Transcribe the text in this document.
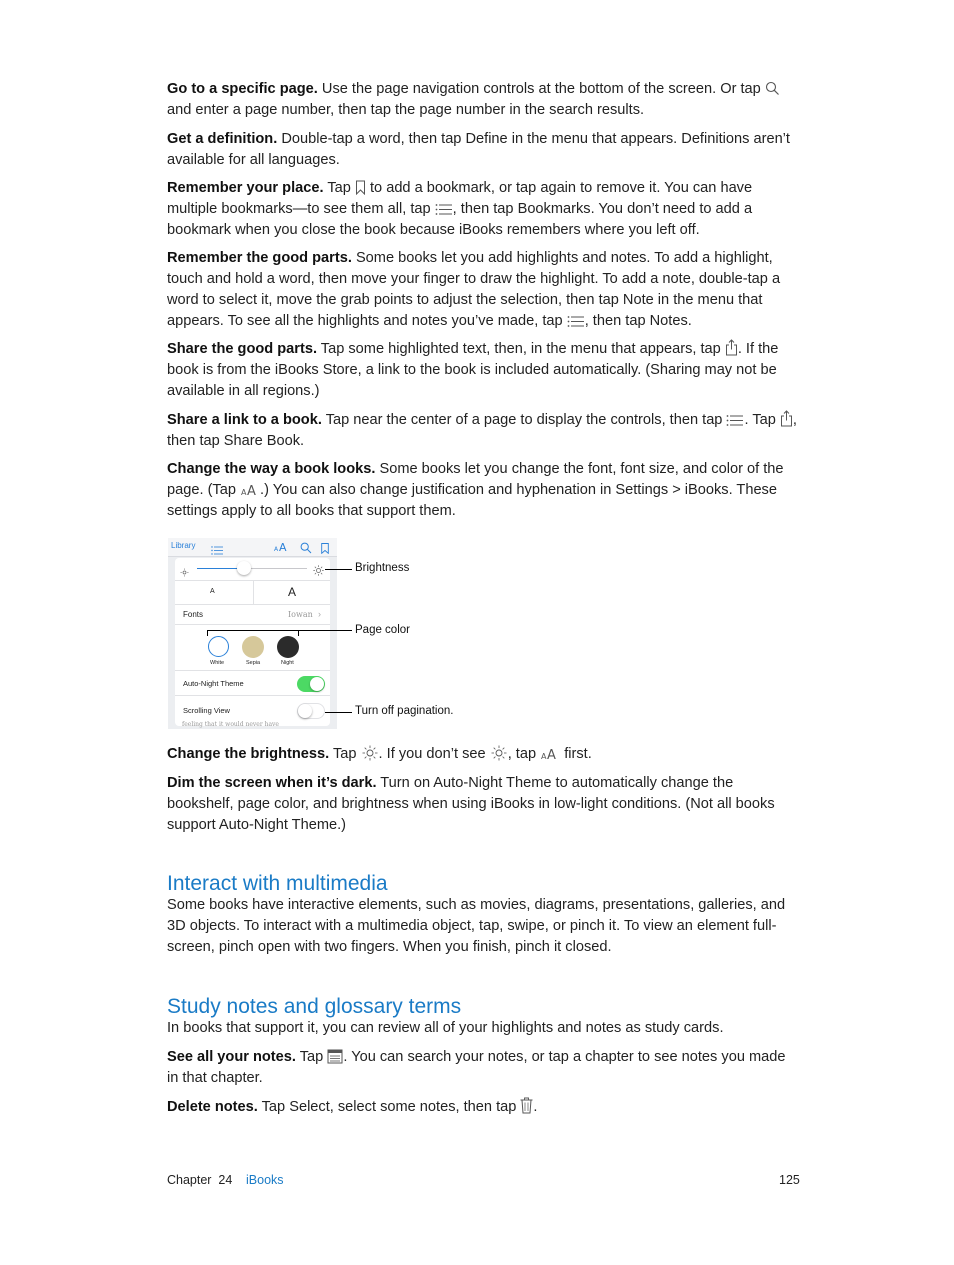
Go to a specific page. Use the page navigation controls at the bottom of the screen. Or tap
and enter a page number, then tap the page number in the search results.
Get a definition. Double-tap a word, then tap Define in the menu that appears. Definitions aren’t available for all languages.
Remember your place. Tap
to add a bookmark, or tap again to remove it. You can have multiple bookmarks—to see them all, tap
, then tap Bookmarks. You don’t need to add a bookmark when you close the book because iBooks remembers where you left off.
Remember the good parts. Some books let you add highlights and notes. To add a highlight, touch and hold a word, then move your finger to draw the highlight. To add a note, double-tap a word to select it, move the grab points to adjust the selection, then tap Note in the menu that appears. To see all the highlights and notes you’ve made, tap
, then tap Notes.
Share the good parts. Tap some highlighted text, then, in the menu that appears, tap
. If the book is from the iBooks Store, a link to the book is included automatically. (Sharing may not be available in all regions.)
Share a link to a book. Tap near the center of a page to display the controls, then tap
. Tap
, then tap Share Book.
Change the way a book looks. Some books let you change the font, font size, and color of the page. (Tap A A .) You can also change justification and hyphenation in Settings > iBooks. These settings apply to all books that support them.
Library	A A
A	A
Fonts	Iowan ›
White	Sepia	Night
Auto-Night Theme
Scrolling View
feeling that it would never have
Brightness
Page color
Turn off pagination.
Change the brightness. Tap
. If you don’t see
, tap A A first.
Dim the screen when it’s dark. Turn on Auto-Night Theme to automatically change the bookshelf, page color, and brightness when using iBooks in low-light conditions. (Not all books support Auto-Night Theme.)
Interact with multimedia
Some books have interactive elements, such as movies, diagrams, presentations, galleries, and 3D objects. To interact with a multimedia object, tap, swipe, or pinch it. To view an element full-screen, pinch open with two fingers. When you finish, pinch it closed.
Study notes and glossary terms
In books that support it, you can review all of your highlights and notes as study cards.
See all your notes. Tap
. You can search your notes, or tap a chapter to see notes you made in that chapter.
Delete notes. Tap Select, select some notes, then tap
.
Chapter  24 iBooks	125
